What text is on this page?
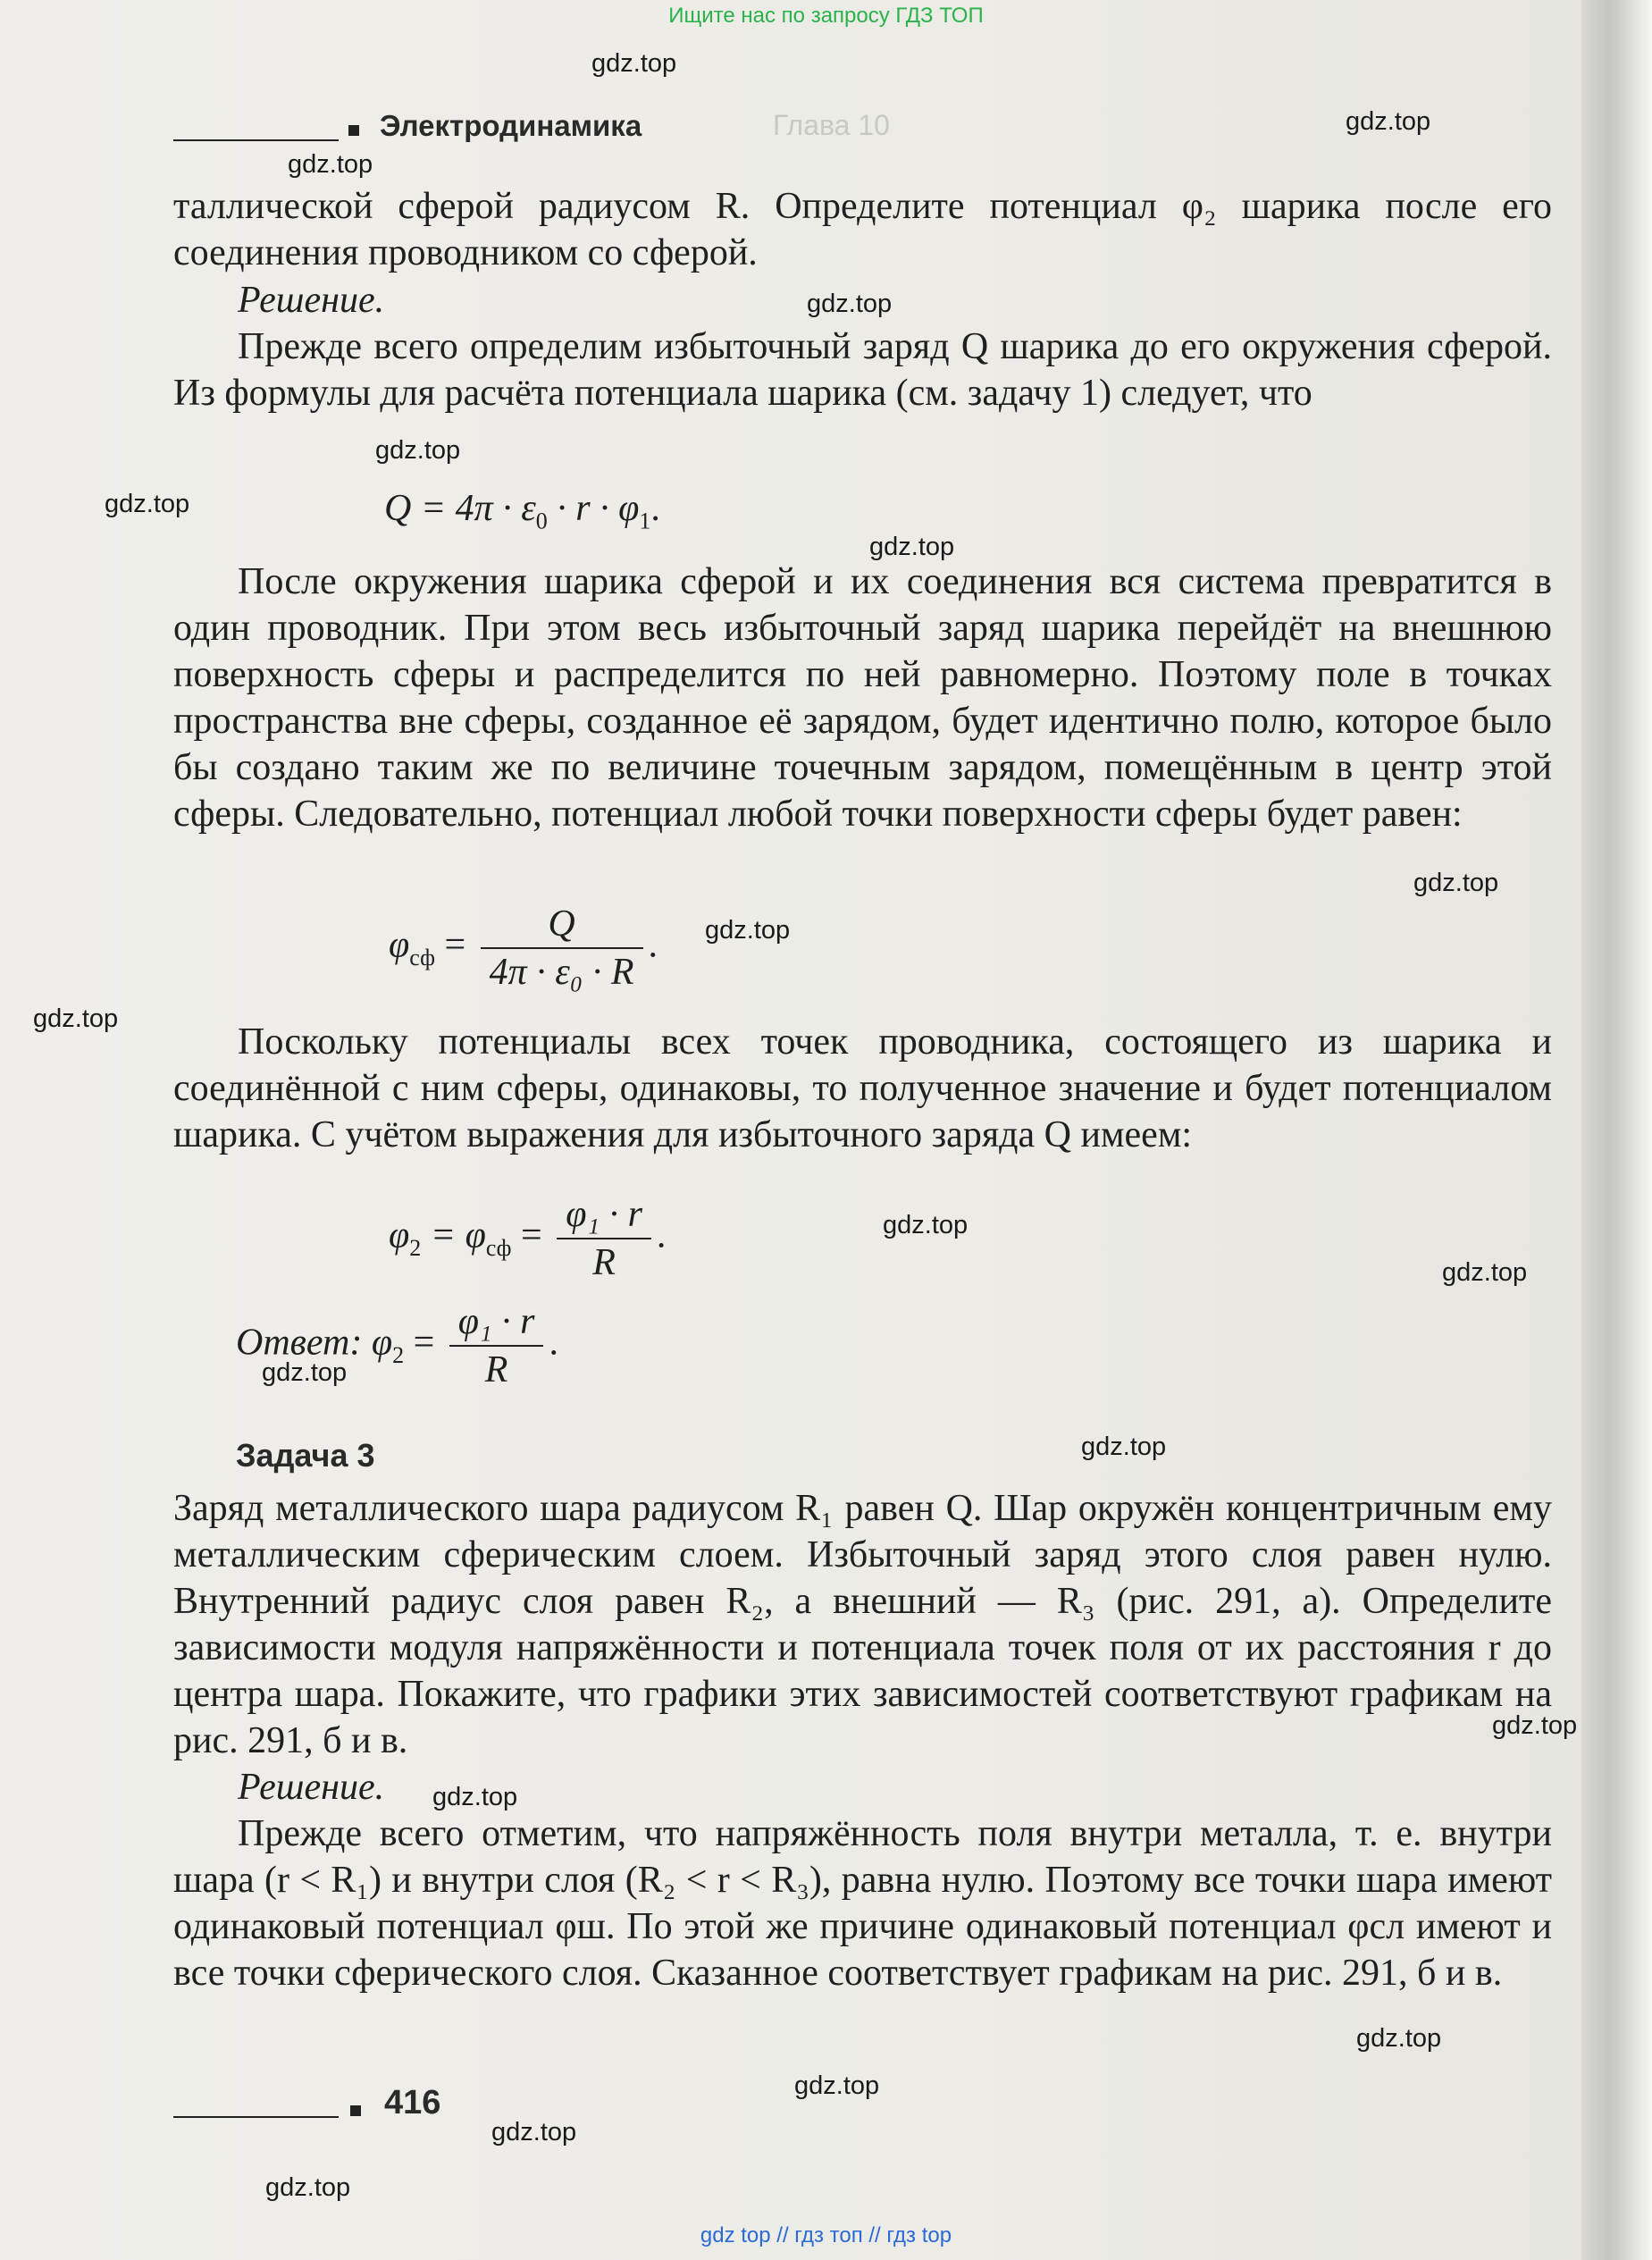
Ищите нас по запросу ГДЗ ТОП
Электродинамика	Глава 10

таллической сферой радиусом R. Определите потенциал φ₂ шарика после его соединения проводником со сферой.

Решение.

Прежде всего определим избыточный заряд Q шарика до его окружения сферой. Из формулы для расчёта потенциала шарика (см. задачу 1) следует, что

$Q = 4\pi \cdot \varepsilon_0 \cdot r \cdot \varphi_1$.

После окружения шарика сферой и их соединения вся система превратится в один проводник. При этом весь избыточный заряд шарика перейдёт на внешнюю поверхность сферы и распределится по ней равномерно. Поэтому поле в точках пространства вне сферы, созданное её зарядом, будет идентично полю, которое было бы создано таким же по величине точечным зарядом, помещённым в центр этой сферы. Следовательно, потенциал любой точки поверхности сферы будет равен:

$\varphi_{сф} = \frac{Q}{\text{4π · ε₀ · R}}$ .

Поскольку потенциалы всех точек проводника, состоящего из шарика и соединённой с ним сферы, одинаковы, то полученное значение и будет потенциалом шарика. С учётом выражения для избыточного заряда Q имеем:

$\varphi_2 = \varphi_{сф} = \frac{\text{φ₁ · r}}{R}$ .
Ответ: $\varphi_2 = \frac{\text{φ₁ · r}}{R}$ .
Задача 3

Заряд металлического шара радиусом R₁ равен Q. Шар окружён концентричным ему металлическим сферическим слоем. Избыточный заряд этого слоя равен нулю. Внутренний радиус слоя равен R₂, а внешний — R₃ (рис. 291, а). Определите зависимости модуля напряжённости и потенциала точек поля от их расстояния r до центра шара. Покажите, что графики этих зависимостей соответствуют графикам на рис. 291, б и в.

Решение.

Прежде всего отметим, что напряжённость поля внутри металла, т. е. внутри шара (r < R₁) и внутри слоя (R₂ < r < R₃), равна нулю. Поэтому все точки шара имеют одинаковый потенциал φш. По этой же причине одинаковый потенциал φсл имеют и все точки сферического слоя. Сказанное соответствует графикам на рис. 291, б и в.

416
gdz.top
gdz.top
gdz.top
gdz.top
gdz.top
gdz.top
gdz.top
gdz.top
gdz.top
gdz.top
gdz.top
gdz.top
gdz.top
gdz.top
gdz.top
gdz.top
gdz.top
gdz.top
gdz.top
gdz.top
gdz top // гдз топ // гдз top
